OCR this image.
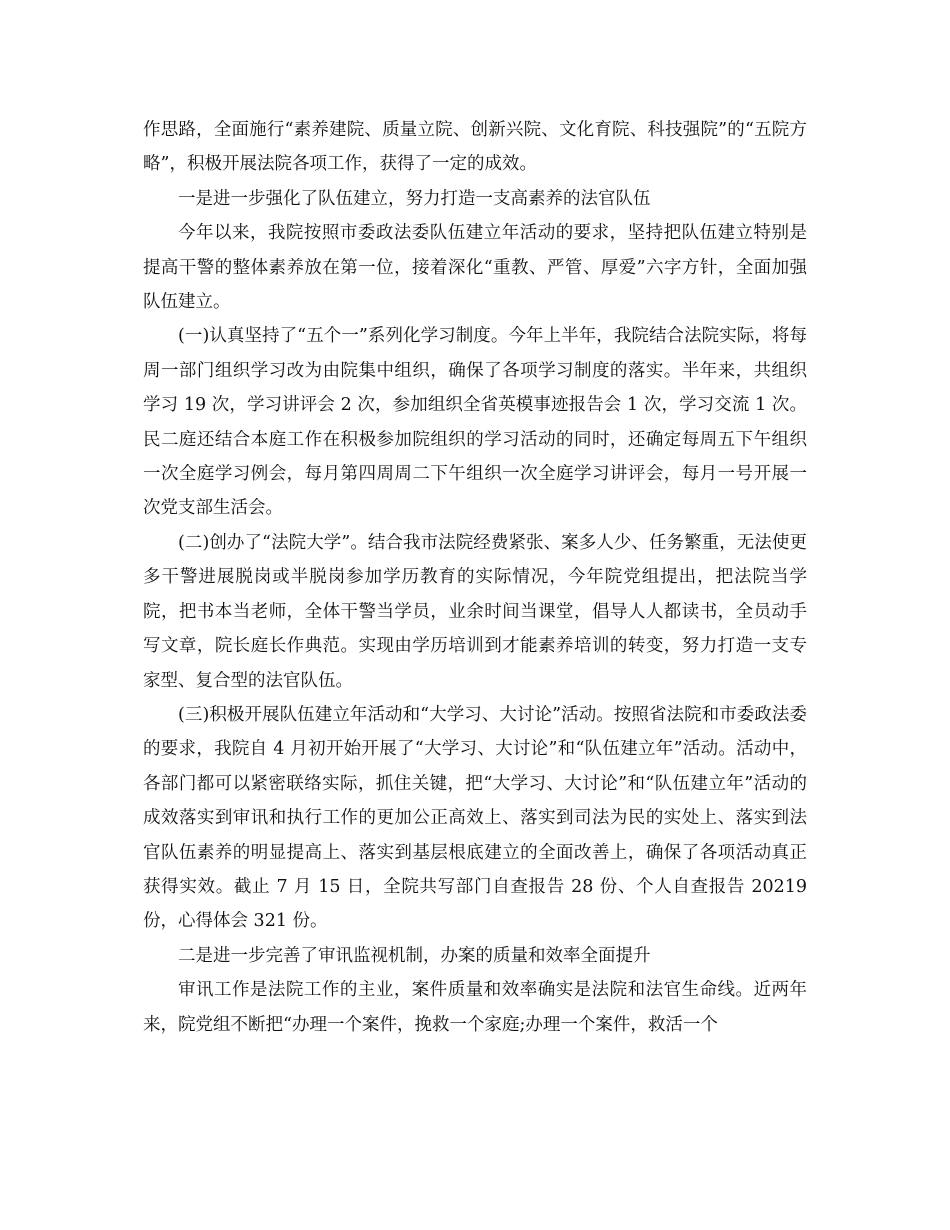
作思路，全面施行“素养建院、质量立院、创新兴院、文化育院、科技强院”的“五院方略”，积极开展法院各项工作，获得了一定的成效。

一是进一步强化了队伍建立，努力打造一支高素养的法官队伍

今年以来，我院按照市委政法委队伍建立年活动的要求，坚持把队伍建立特别是提高干警的整体素养放在第一位，接着深化“重教、严管、厚爱”六字方针，全面加强队伍建立。

(一)认真坚持了“五个一”系列化学习制度。今年上半年，我院结合法院实际，将每周一部门组织学习改为由院集中组织，确保了各项学习制度的落实。半年来，共组织学习 19 次，学习讲评会 2 次，参加组织全省英模事迹报告会 1 次，学习交流 1 次。民二庭还结合本庭工作在积极参加院组织的学习活动的同时，还确定每周五下午组织一次全庭学习例会，每月第四周周二下午组织一次全庭学习讲评会，每月一号开展一次党支部生活会。

(二)创办了“法院大学”。结合我市法院经费紧张、案多人少、任务繁重，无法使更多干警进展脱岗或半脱岗参加学历教育的实际情况，今年院党组提出，把法院当学院，把书本当老师，全体干警当学员，业余时间当课堂，倡导人人都读书，全员动手写文章，院长庭长作典范。实现由学历培训到才能素养培训的转变，努力打造一支专家型、复合型的法官队伍。

(三)积极开展队伍建立年活动和“大学习、大讨论”活动。按照省法院和市委政法委的要求，我院自 4 月初开始开展了“大学习、大讨论”和“队伍建立年”活动。活动中，各部门都可以紧密联络实际，抓住关键，把“大学习、大讨论”和“队伍建立年”活动的成效落实到审讯和执行工作的更加公正高效上、落实到司法为民的实处上、落实到法官队伍素养的明显提高上、落实到基层根底建立的全面改善上，确保了各项活动真正获得实效。截止 7 月 15 日，全院共写部门自查报告 28 份、个人自查报告 20219 份，心得体会 321 份。

二是进一步完善了审讯监视机制，办案的质量和效率全面提升

审讯工作是法院工作的主业，案件质量和效率确实是法院和法官生命线。近两年来，院党组不断把“办理一个案件，挽救一个家庭;办理一个案件，救活一个
